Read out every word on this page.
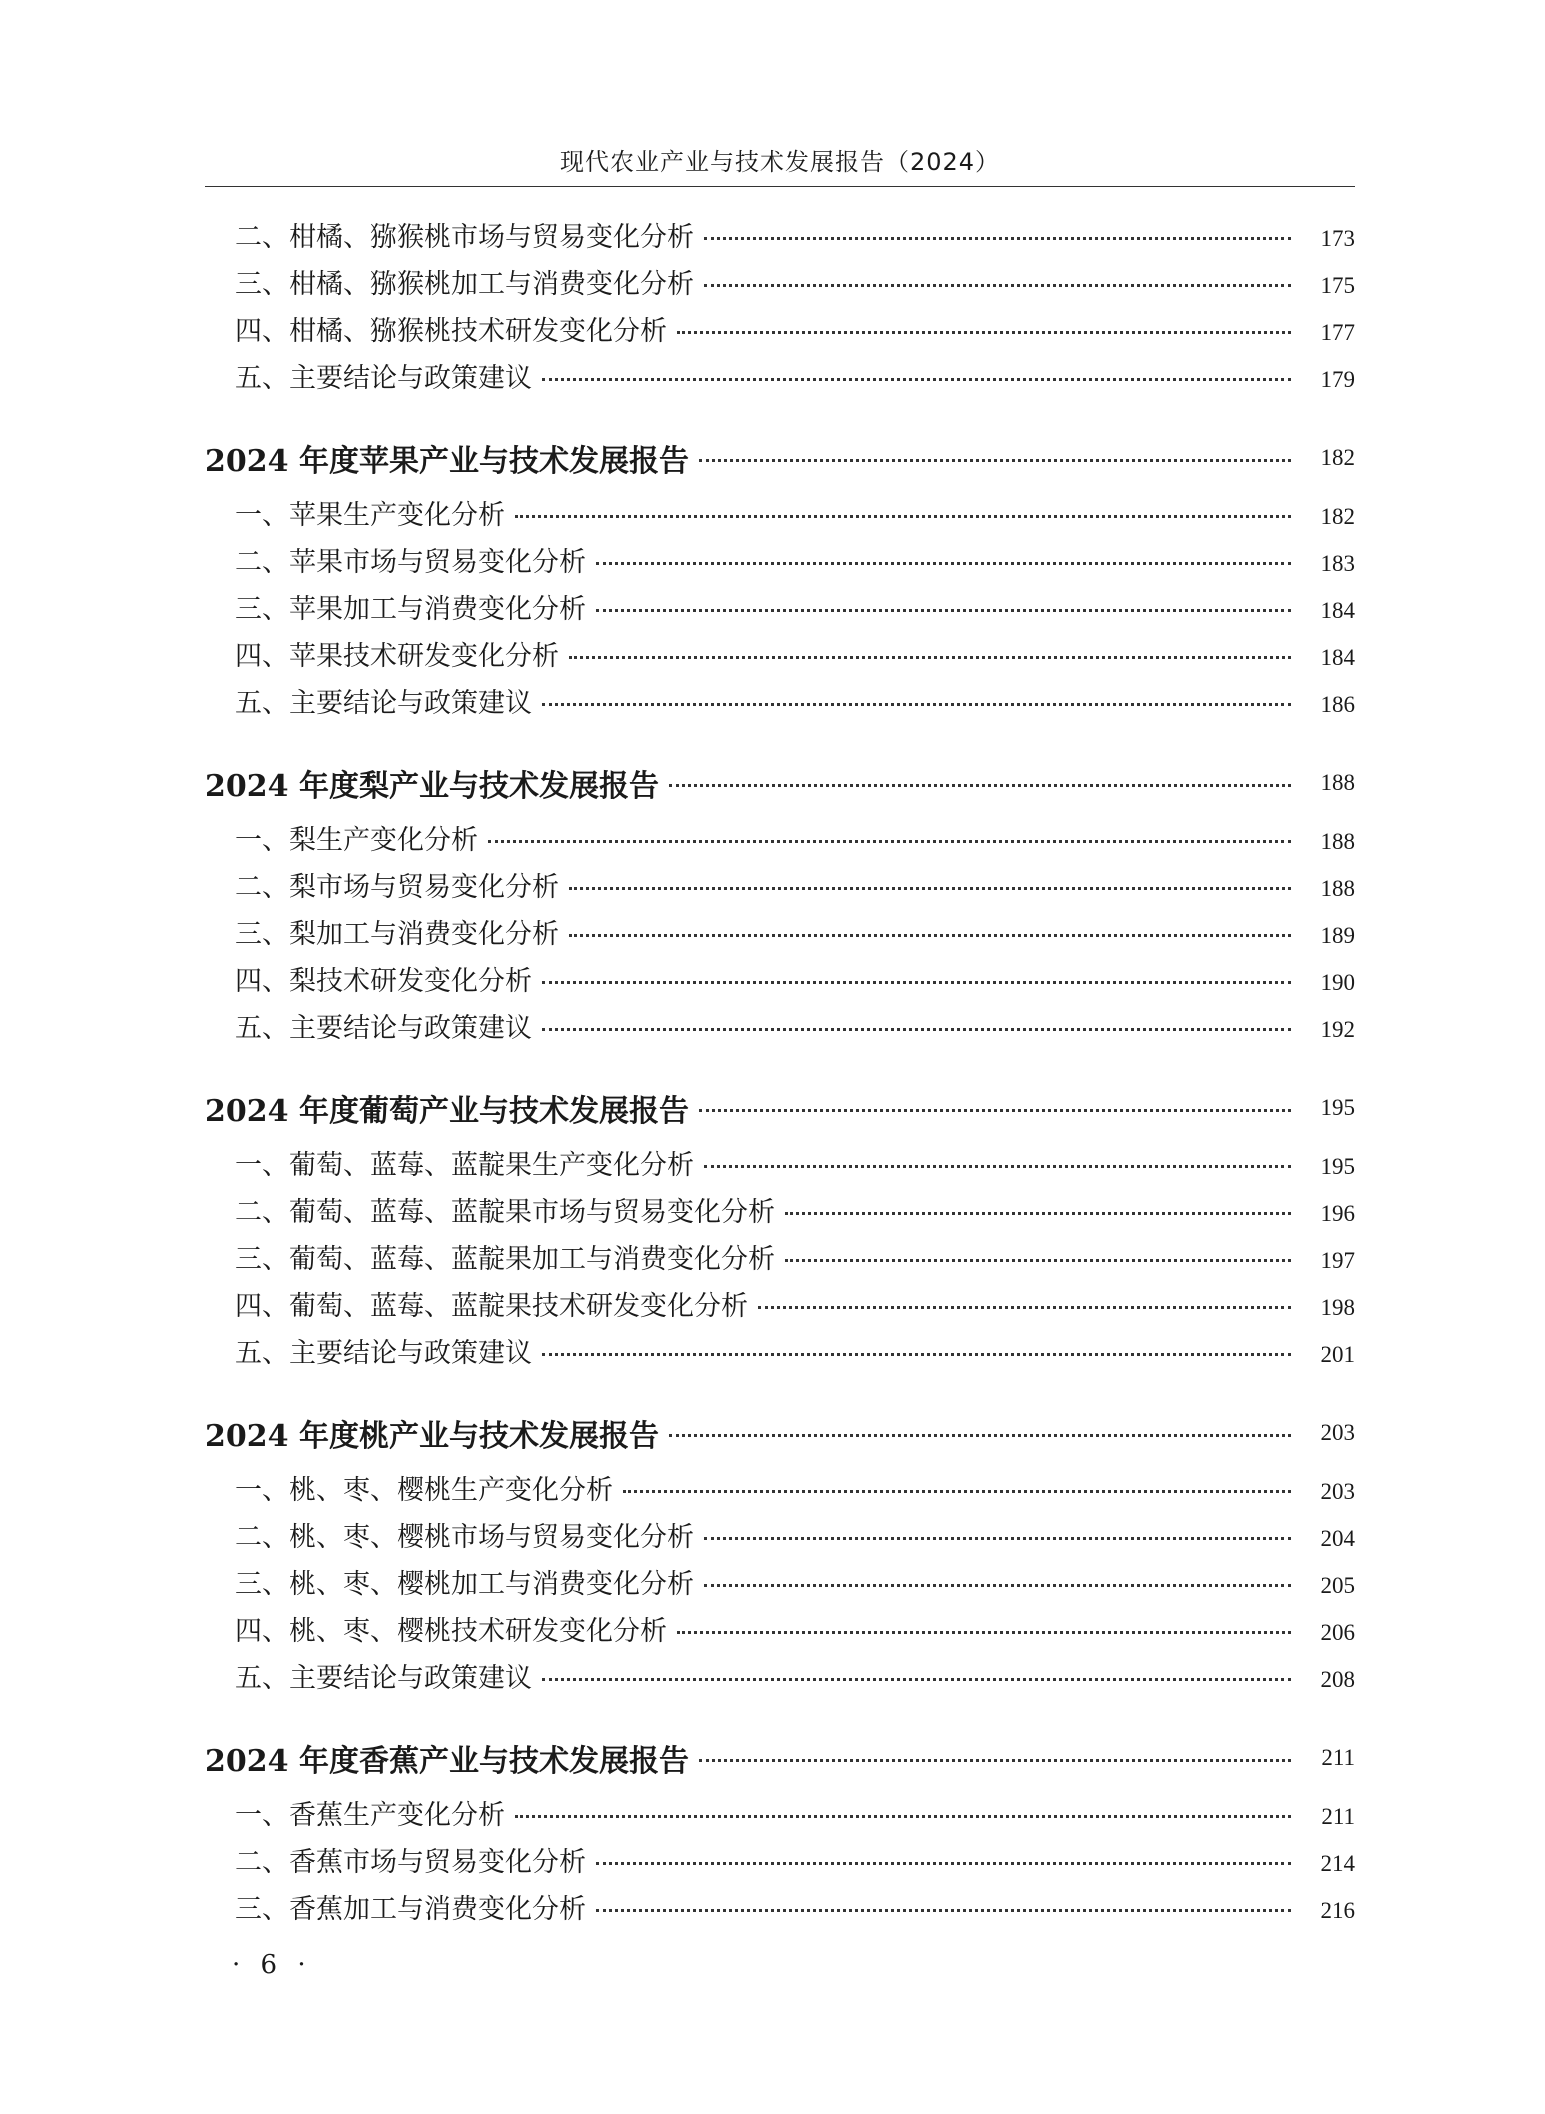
现代农业产业与技术发展报告（2024）
二、柑橘、猕猴桃市场与贸易变化分析	173
三、柑橘、猕猴桃加工与消费变化分析	175
四、柑橘、猕猴桃技术研发变化分析	177
五、主要结论与政策建议	179
2024 年度苹果产业与技术发展报告	182
一、苹果生产变化分析	182
二、苹果市场与贸易变化分析	183
三、苹果加工与消费变化分析	184
四、苹果技术研发变化分析	184
五、主要结论与政策建议	186
2024 年度梨产业与技术发展报告	188
一、梨生产变化分析	188
二、梨市场与贸易变化分析	188
三、梨加工与消费变化分析	189
四、梨技术研发变化分析	190
五、主要结论与政策建议	192
2024 年度葡萄产业与技术发展报告	195
一、葡萄、蓝莓、蓝靛果生产变化分析	195
二、葡萄、蓝莓、蓝靛果市场与贸易变化分析	196
三、葡萄、蓝莓、蓝靛果加工与消费变化分析	197
四、葡萄、蓝莓、蓝靛果技术研发变化分析	198
五、主要结论与政策建议	201
2024 年度桃产业与技术发展报告	203
一、桃、枣、樱桃生产变化分析	203
二、桃、枣、樱桃市场与贸易变化分析	204
三、桃、枣、樱桃加工与消费变化分析	205
四、桃、枣、樱桃技术研发变化分析	206
五、主要结论与政策建议	208
2024 年度香蕉产业与技术发展报告	211
一、香蕉生产变化分析	211
二、香蕉市场与贸易变化分析	214
三、香蕉加工与消费变化分析	216
· 6 ·
